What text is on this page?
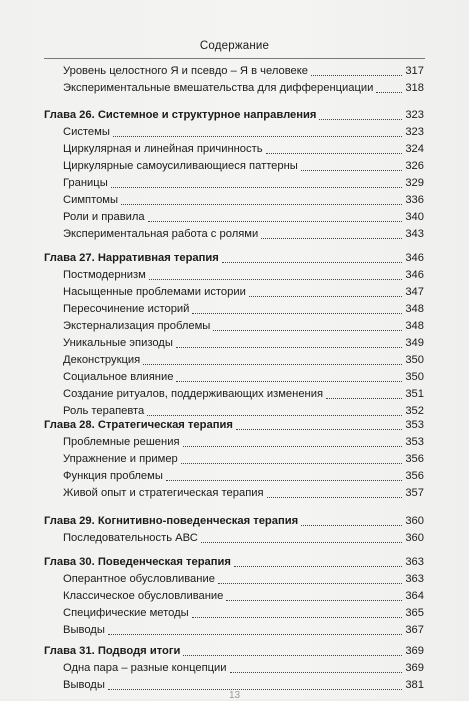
Содержание
Уровень целостного Я и псевдо – Я в человеке	317
Экспериментальные вмешательства для дифференциации	318
Глава 26. Системное и структурное направления	323
Системы	323
Циркулярная и линейная причинность	324
Циркулярные самоусиливающиеся паттерны	326
Границы	329
Симптомы	336
Роли и правила	340
Экспериментальная работа с ролями	343
Глава 27. Нарративная терапия	346
Постмодернизм	346
Насыщенные проблемами истории	347
Пересочинение историй	348
Экстернализация проблемы	348
Уникальные эпизоды	349
Деконструкция	350
Социальное влияние	350
Создание ритуалов, поддерживающих изменения	351
Роль терапевта	352
Глава 28. Стратегическая терапия	353
Проблемные решения	353
Упражнение и пример	356
Функция проблемы	356
Живой опыт и стратегическая терапия	357
Глава 29. Когнитивно-поведенческая терапия	360
Последовательность АВС	360
Глава 30. Поведенческая терапия	363
Оперантное обусловливание	363
Классическое обусловливание	364
Специфические методы	365
Выводы	367
Глава 31. Подводя итоги	369
Одна пара – разные концепции	369
Выводы	381
13
